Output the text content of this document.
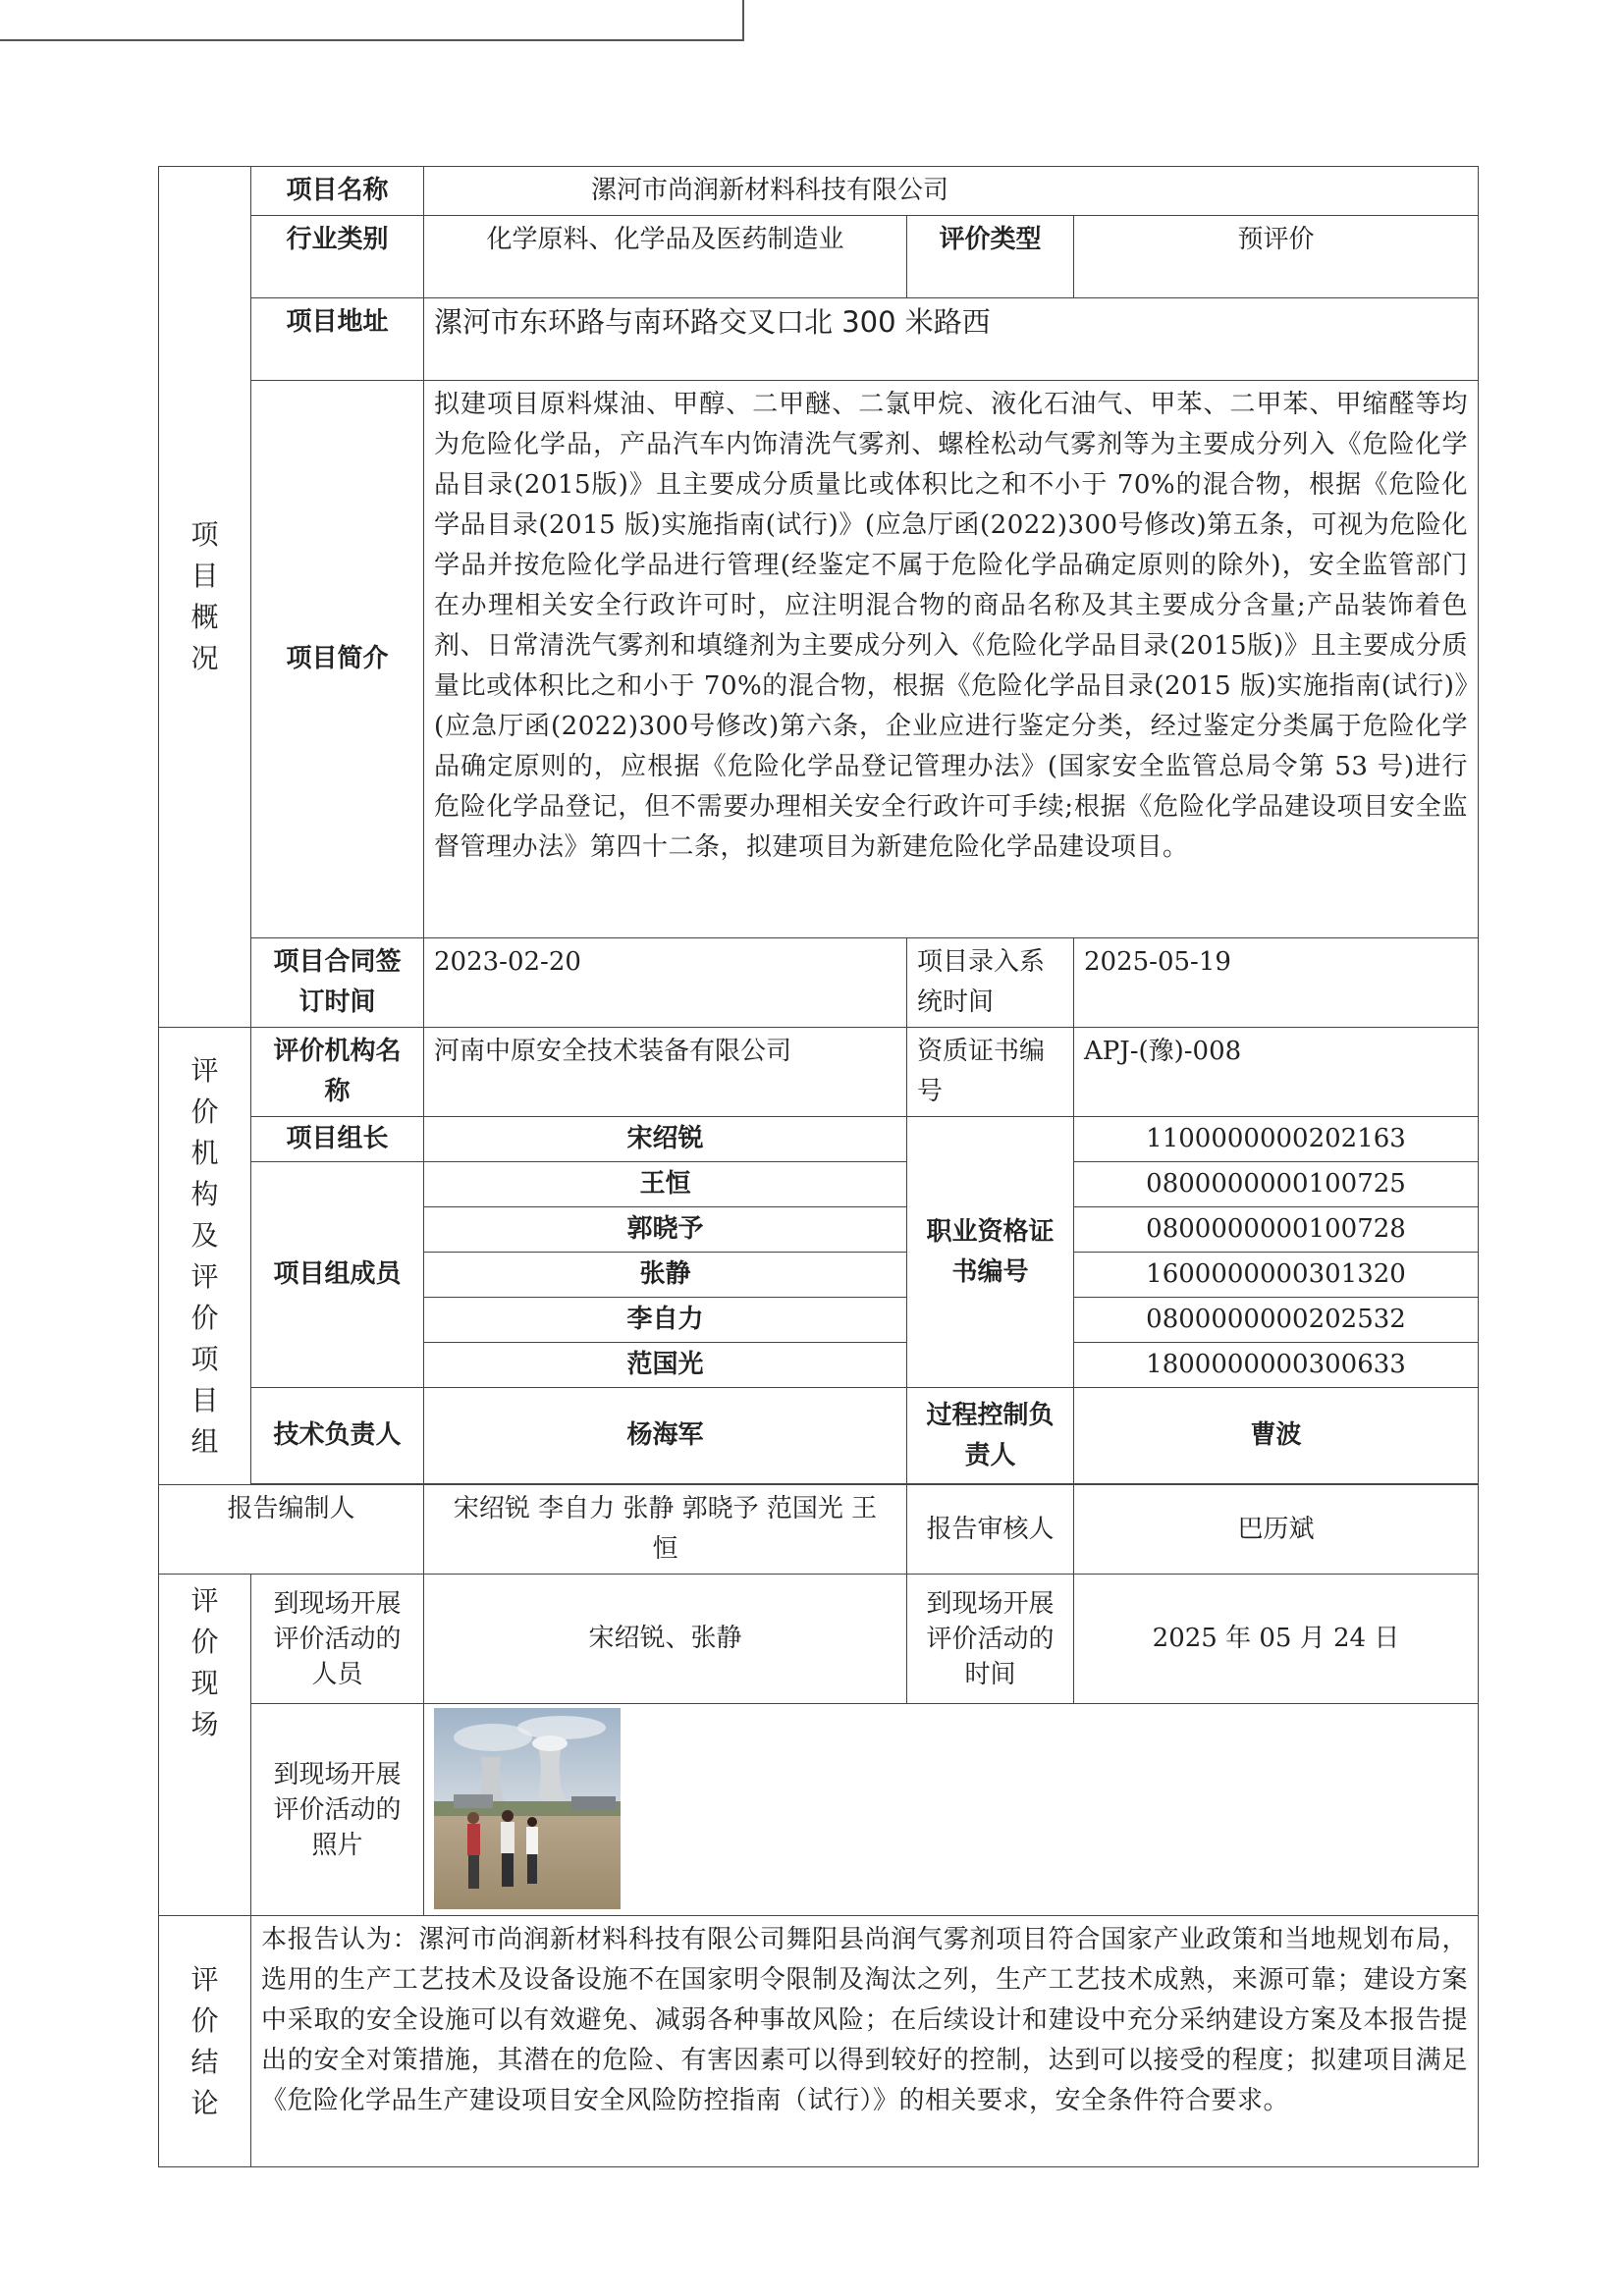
项目概况	项目名称	漯河市尚润新材料科技有限公司		
	行业类别	化学原料、化学品及医药制造业	评价类型	预评价
	项目地址	漯河市东环路与南环路交叉口北 300 米路西		
	项目简介	拟建项目原料煤油、甲醇、二甲醚、二氯甲烷、液化石油气、甲苯、二甲苯、甲缩醛等均为危险化学品，产品汽车内饰清洗气雾剂、螺栓松动气雾剂等为主要成分列入《危险化学品目录(2015版)》且主要成分质量比或体积比之和不小于 70%的混合物，根据《危险化学品目录(2015 版)实施指南(试行)》(应急厅函(2022)300号修改)第五条，可视为危险化学品并按危险化学品进行管理(经鉴定不属于危险化学品确定原则的除外)，安全监管部门在办理相关安全行政许可时，应注明混合物的商品名称及其主要成分含量;产品装饰着色剂、日常清洗气雾剂和填缝剂为主要成分列入《危险化学品目录(2015版)》且主要成分质量比或体积比之和小于 70%的混合物，根据《危险化学品目录(2015 版)实施指南(试行)》(应急厅函(2022)300号修改)第六条，企业应进行鉴定分类，经过鉴定分类属于危险化学品确定原则的，应根据《危险化学品登记管理办法》(国家安全监管总局令第 53 号)进行危险化学品登记，但不需要办理相关安全行政许可手续;根据《危险化学品建设项目安全监督管理办法》第四十二条，拟建项目为新建危险化学品建设项目。		
	项目合同签订时间	2023-02-20	项目录入系统时间	2025-05-19

评价机构及评价项目组	评价机构名称	河南中原安全技术装备有限公司	资质证书编号	APJ-(豫)-008
	项目组长	宋绍锐	职业资格证书编号	1100000000202163
	项目组成员	王恒		0800000000100725
		郭晓予		0800000000100728
		张静		1600000000301320
		李自力		0800000000202532
		范国光		1800000000300633
	技术负责人	杨海军	过程控制负责人	曹波

报告编制人		宋绍锐 李自力 张静 郭晓予 范国光 王恒	报告审核人	巴历斌

评价现场	到现场开展评价活动的人员	宋绍锐、张静	到现场开展评价活动的时间	2025 年 05 月 24 日
	到现场开展评价活动的照片	

评价结论	本报告认为：漯河市尚润新材料科技有限公司舞阳县尚润气雾剂项目符合国家产业政策和当地规划布局，选用的生产工艺技术及设备设施不在国家明令限制及淘汰之列，生产工艺技术成熟，来源可靠；建设方案中采取的安全设施可以有效避免、减弱各种事故风险；在后续设计和建设中充分采纳建设方案及本报告提出的安全对策措施，其潜在的危险、有害因素可以得到较好的控制，达到可以接受的程度；拟建项目满足《危险化学品生产建设项目安全风险防控指南（试行）》的相关要求，安全条件符合要求。			
